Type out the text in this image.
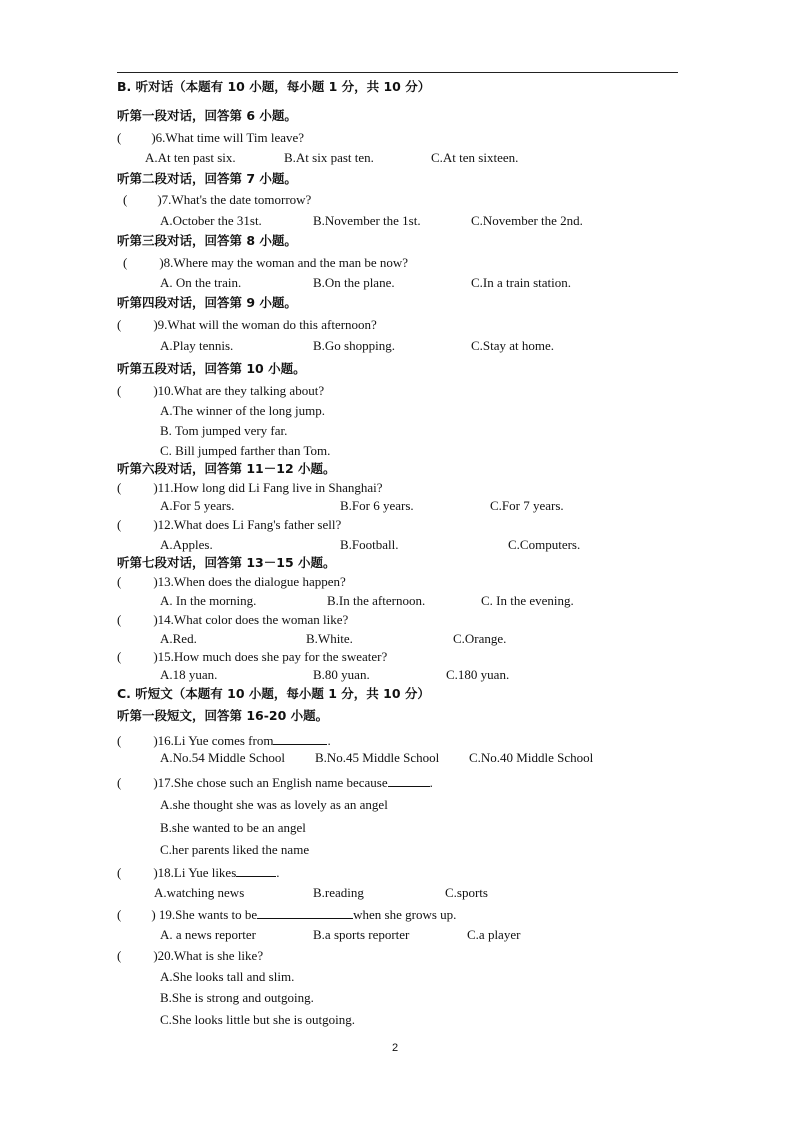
B. 听对话（本题有 10 小题，每小题 1 分，共 10 分）
听第一段对话，回答第 6 小题。
( )6.What time will Tim leave?
A.At ten past six.	B.At six past ten.	C.At ten sixteen.
听第二段对话，回答第 7 小题。
( )7.What's the date tomorrow?
A.October the 31st.	B.November the 1st.	C.November the 2nd.
听第三段对话，回答第 8 小题。
( )8.Where may the woman and the man be now?
A. On the train.	B.On the plane.	C.In a train station.
听第四段对话，回答第 9 小题。
( )9.What will the woman do this afternoon?
A.Play tennis.	B.Go shopping.	C.Stay at home.
听第五段对话，回答第 10 小题。
( )10.What are they talking about?
A.The winner of the long jump.
B. Tom jumped very far.
C. Bill jumped farther than Tom.
听第六段对话，回答第 11－12 小题。
( )11.How long did Li Fang live in Shanghai?
A.For 5 years.	B.For 6 years.	C.For 7 years.
( )12.What does Li Fang's father sell?
A.Apples.	B.Football.	C.Computers.
听第七段对话，回答第 13－15 小题。
( )13.When does the dialogue happen?
A. In the morning.	B.In the afternoon.	C. In the evening.
( )14.What color does the woman like?
A.Red.	B.White.	C.Orange.
( )15.How much does she pay for the sweater?
A.18 yuan.	B.80 yuan.	C.180 yuan.
C. 听短文（本题有 10 小题，每小题 1 分，共 10 分）
听第一段短文，回答第 16-20 小题。
( )16.Li Yue comes from	.
A.No.54 Middle School B.No.45 Middle School C.No.40 Middle School
( )17.She chose such an English name because	.
A.she thought she was as lovely as an angel
B.she wanted to be an angel
C.her parents liked the name
( )18.Li Yue likes	.
A.watching news	B.reading	C.sports
( ) 19.She wants to be	when she grows up.
A. a news reporter	B.a sports reporter	C.a player
( )20.What is she like?
A.She looks tall and slim.
B.She is strong and outgoing.
C.She looks little but she is outgoing.
2
